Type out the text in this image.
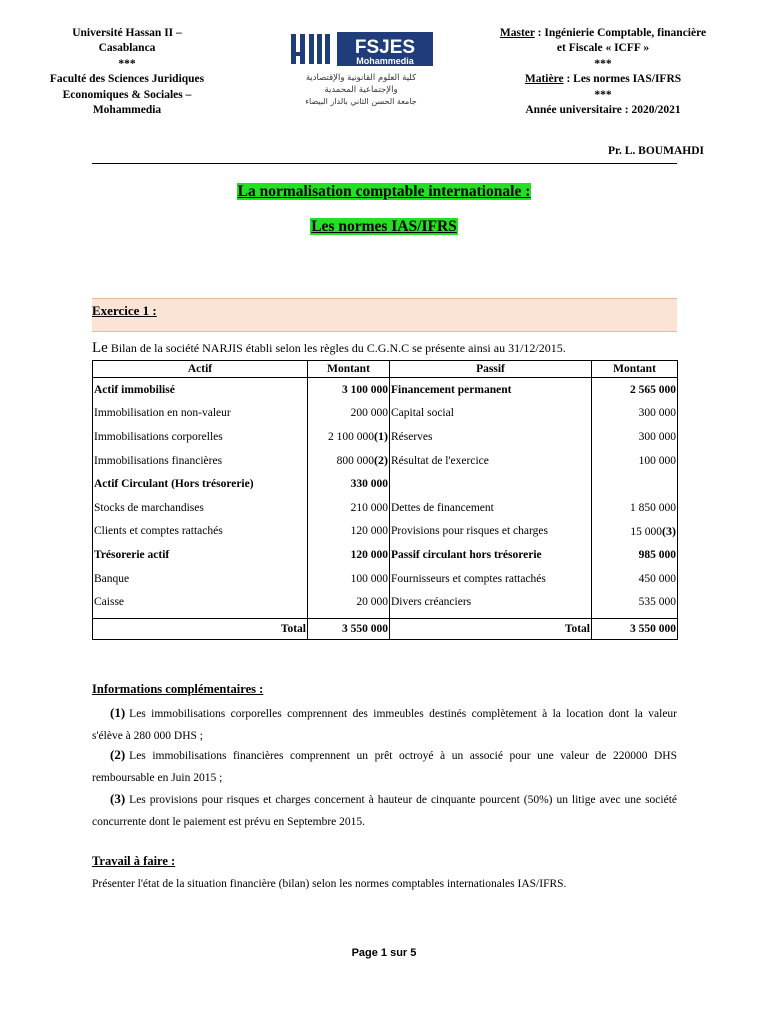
Université Hassan II –
Casablanca
***
Faculté des Sciences Juridiques
Economiques & Sociales –
Mohammedia
FSJES
Mohammedia
كلية العلوم القانونية والإقتصادية
والإجتماعية المحمدية
جامعة الحسن الثاني بالدار البيضاء

Master : Ingénierie Comptable, financière et Fiscale « ICFF »

***

Matière : Les normes IAS/IFRS

***

Année universitaire : 2020/2021

Pr. L. BOUMAHDI
La normalisation comptable internationale :
Les normes IAS/IFRS
Exercice 1 :
Le Bilan de la société NARJIS établi selon les règles du C.G.N.C se présente ainsi au 31/12/2015.
Actif	Montant	Passif	Montant
Actif immobilisé	3 100 000	Financement permanent	2 565 000
Immobilisation en non-valeur	200 000	Capital social	300 000
Immobilisations corporelles	2 100 000(1)	Réserves	300 000
Immobilisations financières	800 000(2)	Résultat de l'exercice	100 000
Actif Circulant (Hors trésorerie)	330 000		
Stocks de marchandises	210 000	Dettes de financement	1 850 000
Clients et comptes rattachés	120 000	Provisions pour risques et charges	15 000(3)
Trésorerie actif	120 000	Passif circulant hors trésorerie	985 000
Banque	100 000	Fournisseurs et comptes rattachés	450 000
Caisse	20 000	Divers créanciers	535 000

Total	3 550 000	Total	3 550 000
Informations complémentaires :
(1) Les immobilisations corporelles comprennent des immeubles destinés complètement à la location dont la valeur s'élève à 280 000 DHS ;
(2) Les immobilisations financières comprennent un prêt octroyé à un associé pour une valeur de 220000 DHS remboursable en Juin 2015 ;
(3) Les provisions pour risques et charges concernent à hauteur de cinquante pourcent (50%) un litige avec une société concurrente dont le paiement est prévu en Septembre 2015.
Travail à faire :
Présenter l'état de la situation financière (bilan) selon les normes comptables internationales IAS/IFRS.
Page 1 sur 5
